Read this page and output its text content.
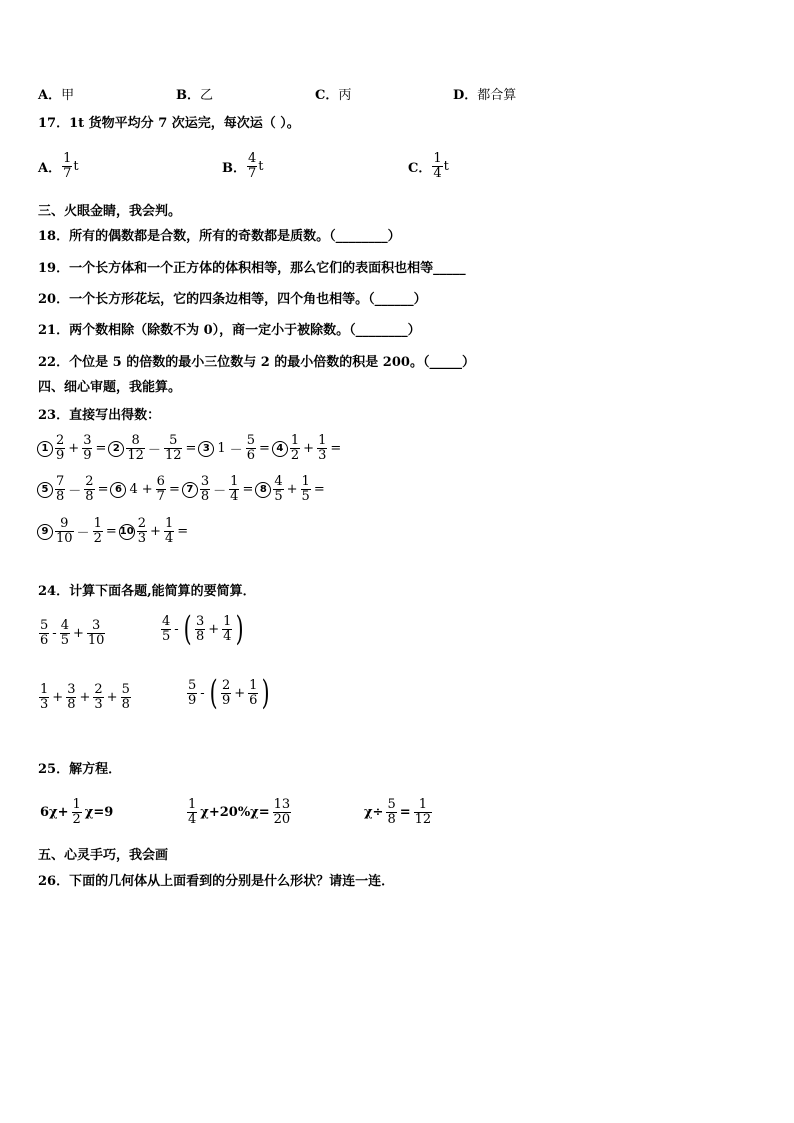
A． 甲	B． 乙	C． 丙	D． 都合算
17．1t 货物平均分 7 次运完，每次运（ ）。
A． $\frac{1}{7}$ t	B． $\frac{4}{7}$ t	C． $\frac{1}{4}$ t
三、火眼金睛，我会判。
18．所有的偶数都是合数，所有的奇数都是质数。（________）
19．一个长方体和一个正方体的体积相等，那么它们的表面积也相等_____
20．一个长方形花坛，它的四条边相等，四个角也相等。（______）
21．两个数相除（除数不为 0），商一定小于被除数。（________）
22．个位是 5 的倍数的最小三位数与 2 的最小倍数的积是 200。（_____）
四、细心审题，我能算。
23．直接写出得数：
$1 \frac{2}{9} + \frac{3}{9} = 2 \frac{8}{12} - \frac{5}{12} = 3$ $1 - \frac{5}{6} = 4 \frac{1}{2} + \frac{1}{3}$ =
$5 \frac{7}{8} - \frac{2}{8} = 6$ $4 + \frac{6}{7} = 7 \frac{3}{8} - \frac{1}{4} = 8 \frac{4}{5} + \frac{1}{5}$ =
$9 \frac{9}{10} - \frac{1}{2} = 10 \frac{2}{3} + \frac{1}{4}$ =
24．计算下面各题,能简算的要简算．
$\frac{5}{6} - \frac{4}{5} + \frac{3}{10}$	$\frac{4}{5}$ - ( $\frac{3}{8} + \frac{1}{4}$ )
$\frac{1}{3} + \frac{3}{8} + \frac{2}{3} + \frac{5}{8}$	$\frac{5}{9}$ - ( $\frac{2}{9} + \frac{1}{6}$ )
25．解方程．
$6\chi+ \frac{1}{2} \chi=9$	$\frac{1}{4} \chi+20\%\chi= \frac{13}{20}$	$\chi\div \frac{5}{8} = \frac{1}{12}$
五、心灵手巧，我会画
26．下面的几何体从上面看到的分别是什么形状？请连一连．
